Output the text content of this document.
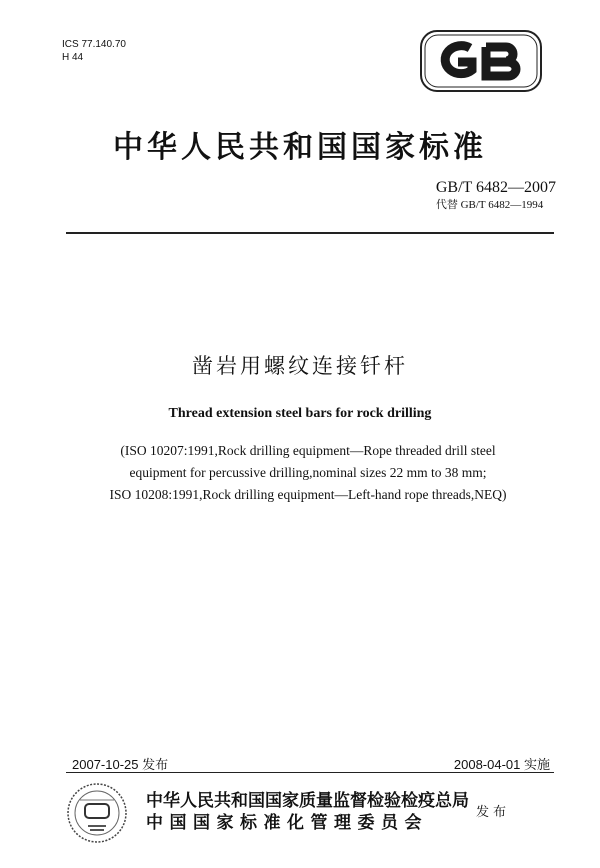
ICS 77.140.70
H 44
中华人民共和国国家标准
GB/T 6482—2007
代替 GB/T 6482—1994
凿岩用螺纹连接钎杆
Thread extension steel bars for rock drilling
(ISO 10207:1991,Rock drilling equipment—Rope threaded drill steel
equipment for percussive drilling,nominal sizes 22 mm to 38 mm;
ISO 10208:1991,Rock drilling equipment—Left-hand rope threads,NEQ)
2007-10-25 发布	2008-04-01 实施
中华人民共和国国家质量监督检验检疫总局
中国国家标准化管理委员会
发布
